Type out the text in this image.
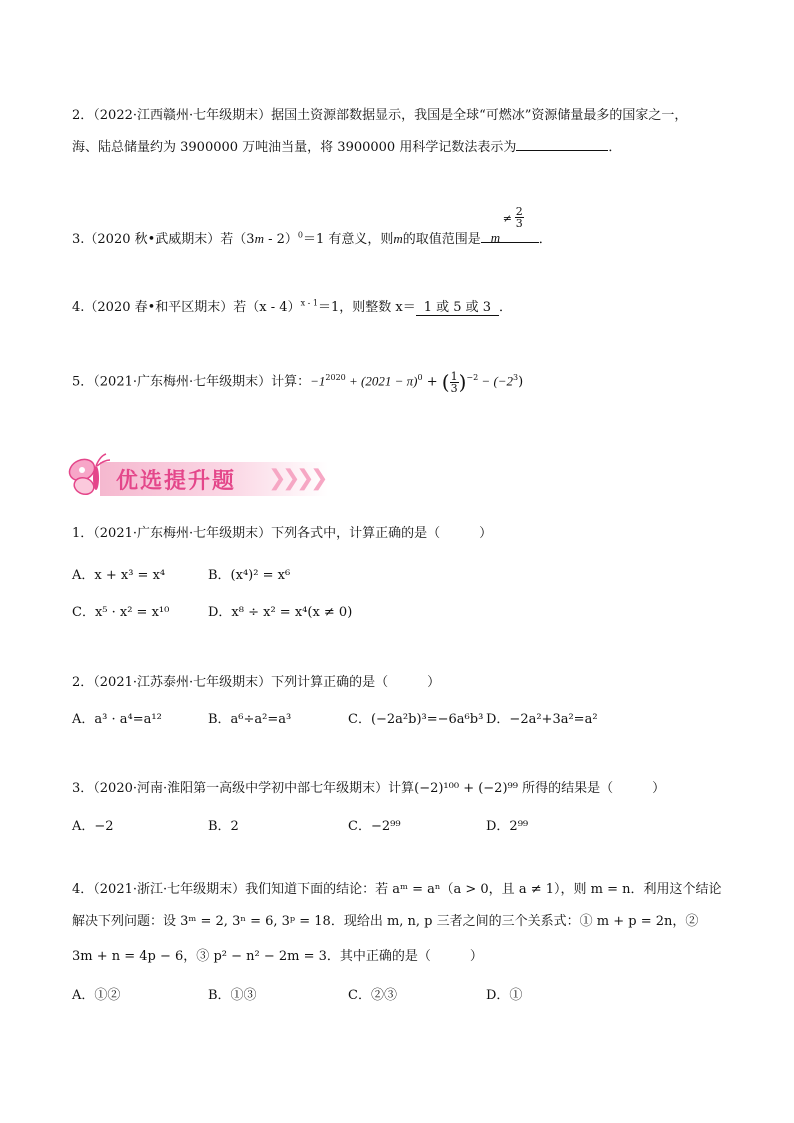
2．（2022·江西赣州·七年级期末）据国土资源部数据显示，我国是全球“可燃冰”资源储量最多的国家之一，
海、陆总储量约为 3900000 万吨油当量，将 3900000 用科学记数法表示为	．
3.（2020 秋•武威期末）若（3m - 2）$^0$＝1 有意义，则m的取值范围是 m
≠ $\frac{2}{3}$
．
4.（2020 春•和平区期末）若（x - 4）$^{x - 1}$＝1，则整数 x＝ 1 或 5 或 3 ．
5．（2021·广东梅州·七年级期末）计算：$-1^{2020} + (2021 - \pi)^0$ + ( $\frac{1}{3} )^{-2} - (-2^3)$
优选提升题 ❯
❯
❯
❯
1．（2021·广东梅州·七年级期末）下列各式中，计算正确的是（　　　）
A．x + x³ = x⁴	B．(x⁴)² = x⁶
C．x⁵ · x² = x¹⁰	D．x⁸ ÷ x² = x⁴(x ≠ 0)
2．（2021·江苏泰州·七年级期末）下列计算正确的是（　　　）
A．a³ · a⁴=a¹²	B．a⁶÷a²=a³	C．(−2a²b)³=−6a⁶b³ D．−2a²+3a²=a²
3．（2020·河南·淮阳第一高级中学初中部七年级期末）计算(−2)¹⁰⁰ + (−2)⁹⁹ 所得的结果是（　　　）
A．−2	B．2	C．−2⁹⁹	D．2⁹⁹
4．（2021·浙江·七年级期末）我们知道下面的结论：若 aᵐ = aⁿ（a > 0，且 a ≠ 1），则 m = n．利用这个结论
解决下列问题：设 3ᵐ = 2, 3ⁿ = 6, 3ᵖ = 18．现给出 m, n, p 三者之间的三个关系式：① m + p = 2n，②
3m + n = 4p − 6，③ p² − n² − 2m = 3．其中正确的是（　　　）
A．①②	B．①③	C．②③	D．①
